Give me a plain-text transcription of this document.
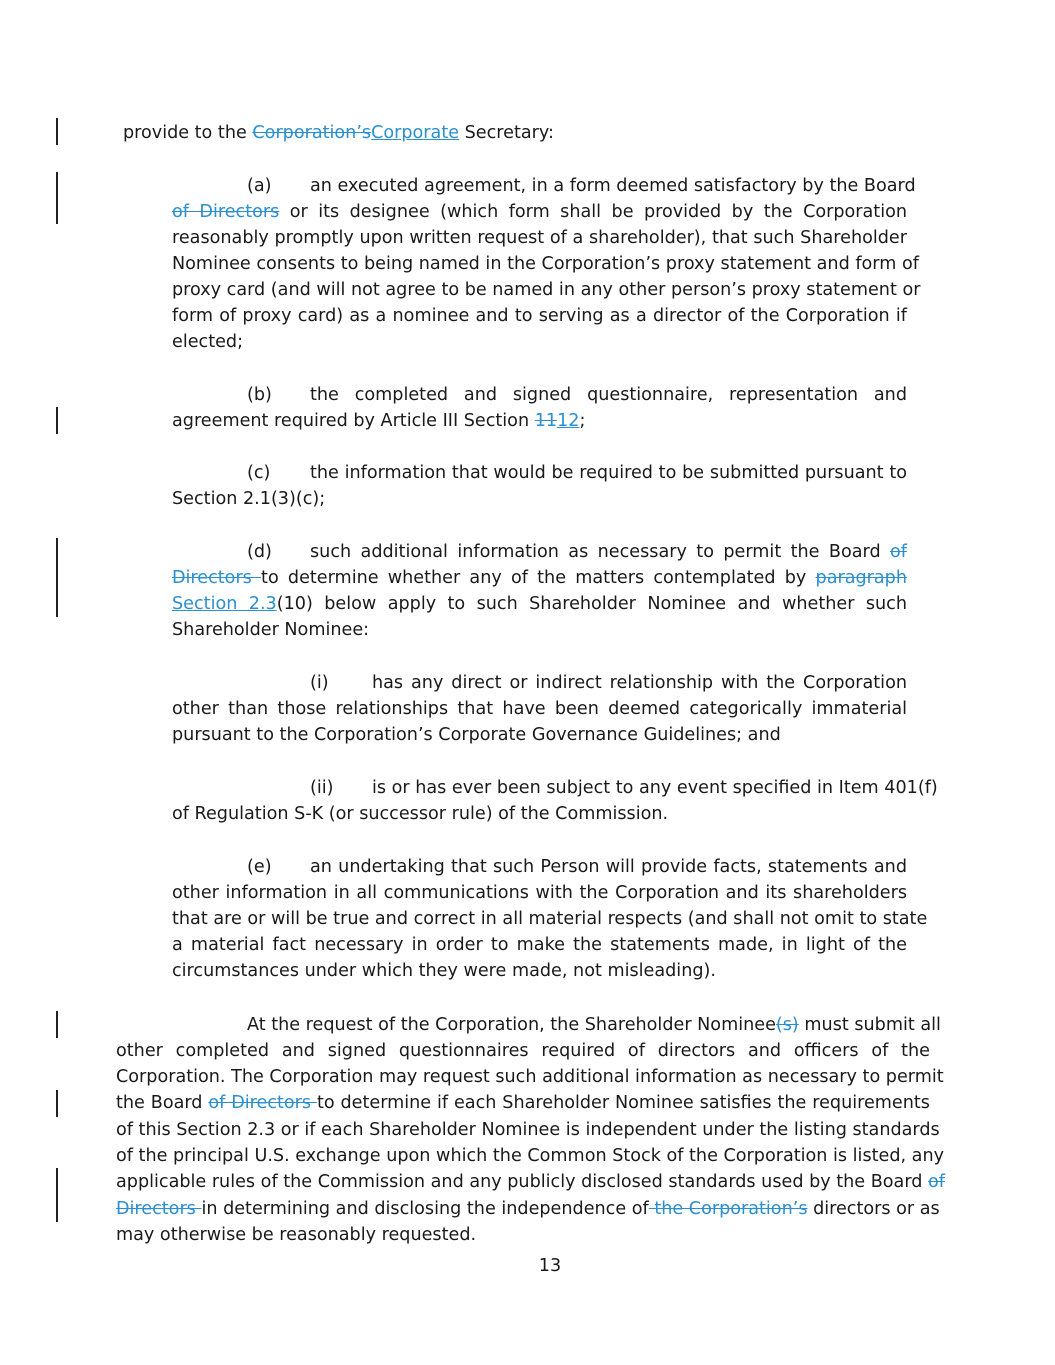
provide to the Corporation’sCorporate Secretary:
(a) an executed agreement, in a form deemed satisfactory by the Board
of Directors or its designee (which form shall be provided by the Corporation
reasonably promptly upon written request of a shareholder), that such Shareholder
Nominee consents to being named in the Corporation’s proxy statement and form of
proxy card (and will not agree to be named in any other person’s proxy statement or
form of proxy card) as a nominee and to serving as a director of the Corporation if
elected;
(b) the completed and signed questionnaire, representation and
agreement required by Article III Section 1112;
(c) the information that would be required to be submitted pursuant to
Section 2.1(3)(c);
(d) such additional information as necessary to permit the Board of
Directors to determine whether any of the matters contemplated by paragraph
Section 2.3(10) below apply to such Shareholder Nominee and whether such
Shareholder Nominee:
(i) has any direct or indirect relationship with the Corporation
other than those relationships that have been deemed categorically immaterial
pursuant to the Corporation’s Corporate Governance Guidelines; and
(ii) is or has ever been subject to any event specified in Item 401(f)
of Regulation S-K (or successor rule) of the Commission.
(e) an undertaking that such Person will provide facts, statements and
other information in all communications with the Corporation and its shareholders
that are or will be true and correct in all material respects (and shall not omit to state
a material fact necessary in order to make the statements made, in light of the
circumstances under which they were made, not misleading).
At the request of the Corporation, the Shareholder Nominee(s) must submit all
other completed and signed questionnaires required of directors and officers of the
Corporation. The Corporation may request such additional information as necessary to permit
the Board of Directors to determine if each Shareholder Nominee satisfies the requirements
of this Section 2.3 or if each Shareholder Nominee is independent under the listing standards
of the principal U.S. exchange upon which the Common Stock of the Corporation is listed, any
applicable rules of the Commission and any publicly disclosed standards used by the Board of
Directors in determining and disclosing the independence of the Corporation’s directors or as
may otherwise be reasonably requested.
13
